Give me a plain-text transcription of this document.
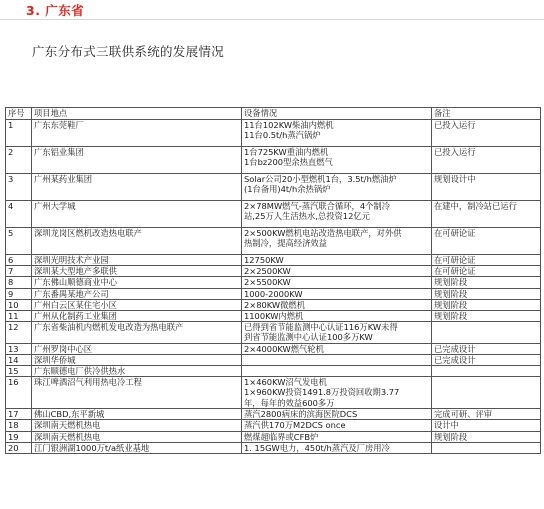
3. 广东省
广东分布式三联供系统的发展情况
序号	项目地点	设备情况	备注
1	广东东莞鞋厂	11台102KW柴油内燃机
11台0.5t/h蒸汽锅炉	已投入运行
2	广东铝业集团	1台725KW重油内燃机
1台bz200型余热直燃气	已投入运行
3	广州某药业集团	Solar公司20小型燃机1台，3.5t/h燃油炉
(1台备用)4t/h余热锅炉	规划设计中
4	广州大学城	2×78MW燃气-蒸汽联合循环，4个制冷
站,25万人生活热水,总投资12亿元	在建中，制冷站已运行
5	深圳龙岗区燃机改造热电联产	2×500KW燃机电站改造热电联产，对外供
热制冷，提高经济效益	在可研论证
6	深圳光明技术产业园	12750KW	在可研论证
7	深圳某大型地产多联供	2×2500KW	在可研论证
8	广东佛山顺德商业中心	2×5500KW	规划阶段
9	广东番禺某地产公司	1000-2000KW	规划阶段
10	广州白云区某住宅小区	2×80KW微燃机	规划阶段
11	广州从化制药工业集团	1100KW内燃机	规划阶段
12	广东省柴油机内燃机发电改造为热电联产	已得到省节能监测中心认证116万KW未得
到省节能监测中心认证100多万KW	

13	广州罗岗中心区	2×4000KW燃气轮机	已完成设计
14	深圳华侨城		已完成设计
15	广东顺德电厂供冷供热水	

16	珠江啤酒沼气利用热电冷工程	1×460KW沼气发电机
1×960KW投资1491.8万投资回收期3.77
年，每年的效益600多万	

17	佛山CBD,东平新城	蒸汽2800病床的滨海医院DCS	完成可研、评审
18	深圳南天燃机热电	蒸汽供170万M2DCS once	设计中
19	深圳南天燃机热电	燃煤超临界或CFB炉	规划阶段
20	江门银洲湖1000万t/a纸业基地	1. 15GW电力，450t/h蒸汽及厂房用冷	
